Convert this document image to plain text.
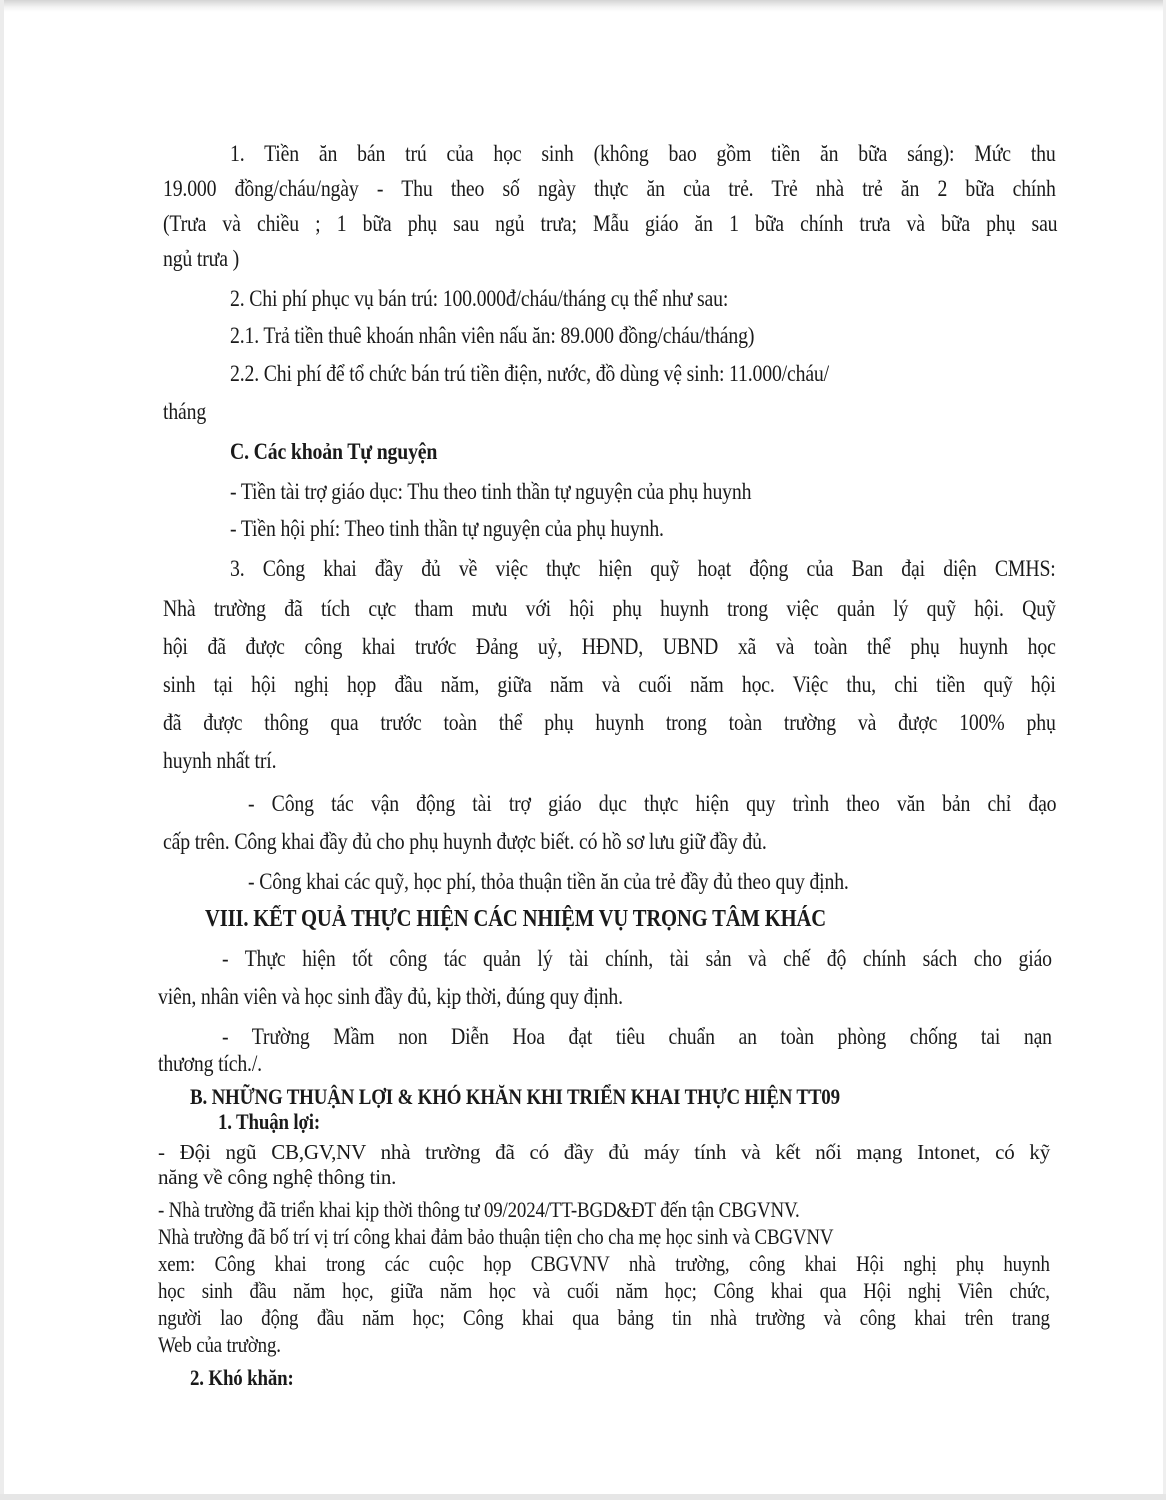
1. Tiền ăn bán trú của học sinh (không bao gồm tiền ăn bữa sáng): Mức thu
19.000 đồng/cháu/ngày - Thu theo số ngày thực ăn của trẻ. Trẻ nhà trẻ ăn 2 bữa chính
(Trưa và chiều ; 1 bữa phụ sau ngủ trưa; Mẫu giáo ăn 1 bữa chính trưa và bữa phụ sau
ngủ trưa )
2. Chi phí phục vụ bán trú: 100.000đ/cháu/tháng cụ thể như sau:
2.1. Trả tiền thuê khoán nhân viên nấu ăn: 89.000 đồng/cháu/tháng)
2.2. Chi phí để tổ chức bán trú tiền điện, nước, đồ dùng vệ sinh: 11.000/cháu/
tháng
C. Các khoản Tự nguyện
- Tiền tài trợ giáo dục: Thu theo tinh thần tự nguyện của phụ huynh
- Tiền hội phí: Theo tinh thần tự nguyện của phụ huynh.
3. Công khai đầy đủ về việc thực hiện quỹ hoạt động của Ban đại diện CMHS:
Nhà trường đã tích cực tham mưu với hội phụ huynh trong việc quản lý quỹ hội. Quỹ
hội đã được công khai trước Đảng uỷ, HĐND, UBND xã và toàn thể phụ huynh học
sinh tại hội nghị họp đầu năm, giữa năm và cuối năm học. Việc thu, chi tiền quỹ hội
đã được thông qua trước toàn thể phụ huynh trong toàn trường và được 100% phụ
huynh nhất trí.
- Công tác vận động tài trợ giáo dục thực hiện quy trình theo văn bản chỉ đạo
cấp trên. Công khai đầy đủ cho phụ huynh được biết. có hồ sơ lưu giữ đầy đủ.
- Công khai các quỹ, học phí, thỏa thuận tiền ăn của trẻ đầy đủ theo quy định.
VIII. KẾT QUẢ THỰC HIỆN CÁC NHIỆM VỤ TRỌNG TÂM KHÁC
- Thực hiện tốt công tác quản lý tài chính, tài sản và chế độ chính sách cho giáo
viên, nhân viên và học sinh đầy đủ, kịp thời, đúng quy định.
- Trường Mầm non Diễn Hoa đạt tiêu chuẩn an toàn phòng chống tai nạn
thương tích./.
B. NHỮNG THUẬN LỢI & KHÓ KHĂN KHI TRIỂN KHAI THỰC HIỆN TT09
1. Thuận lợi:
- Đội ngũ CB,GV,NV nhà trường đã có đầy đủ máy tính và kết nối mạng Intonet, có kỹ
năng về công nghệ thông tin.
- Nhà trường đã triển khai kịp thời thông tư 09/2024/TT-BGD&ĐT đến tận CBGVNV.
Nhà trường đã bố trí vị trí công khai đảm bảo thuận tiện cho cha mẹ học sinh và CBGVNV
xem: Công khai trong các cuộc họp CBGVNV nhà trường, công khai Hội nghị phụ huynh
học sinh đầu năm học, giữa năm học và cuối năm học; Công khai qua Hội nghị Viên chức,
người lao động đầu năm học; Công khai qua bảng tin nhà trường và công khai trên trang
Web của trường.
2. Khó khăn:
